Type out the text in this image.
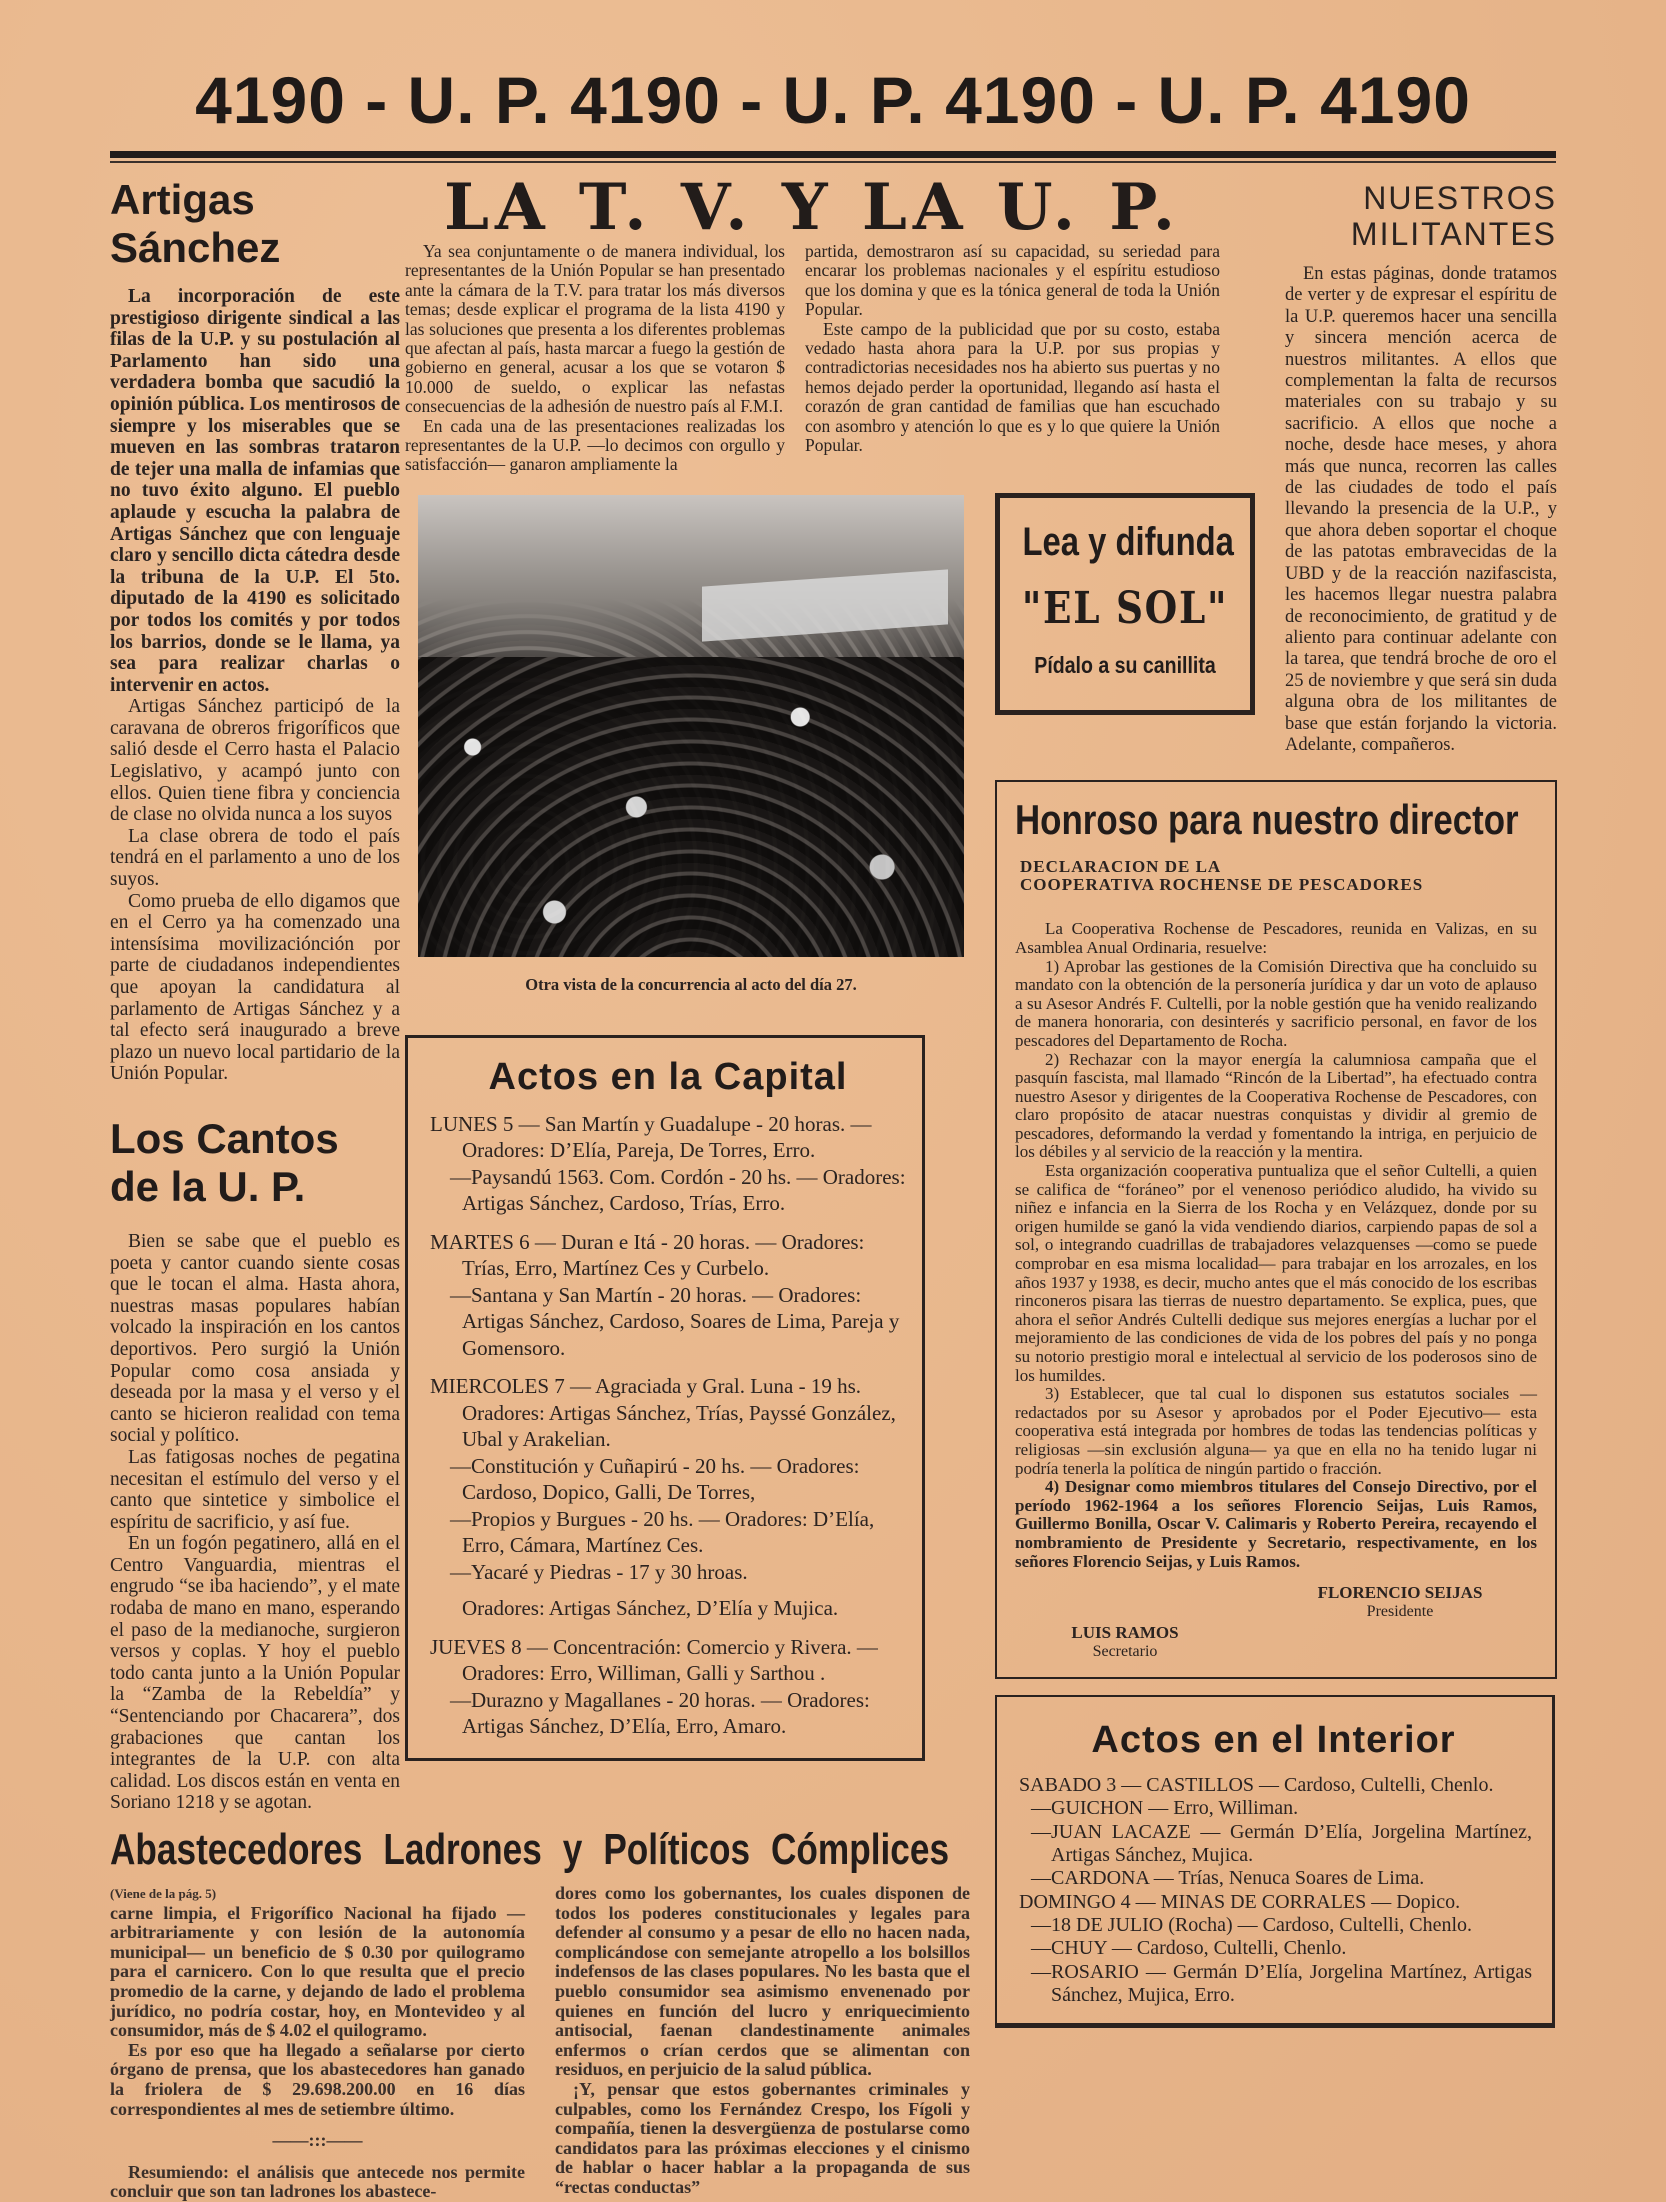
4190 - U. P. 4190 - U. P. 4190 - U. P. 4190
Artigas
Sánchez

La incorporación de este prestigioso dirigente sindical a las filas de la U.P. y su postulación al Parlamento han sido una verdadera bomba que sacudió la opinión pública. Los mentirosos de siempre y los miserables que se mueven en las sombras trataron de tejer una malla de infamias que no tuvo éxito alguno. El pueblo aplaude y escucha la palabra de Artigas Sánchez que con lenguaje claro y sencillo dicta cátedra desde la tribuna de la U.P. El 5to. diputado de la 4190 es solicitado por todos los comités y por todos los barrios, donde se le llama, ya sea para realizar charlas o intervenir en actos.

Artigas Sánchez participó de la caravana de obreros frigoríficos que salió desde el Cerro hasta el Palacio Legislativo, y acampó junto con ellos. Quien tiene fibra y conciencia de clase no olvida nunca a los suyos

La clase obrera de todo el país tendrá en el parlamento a uno de los suyos.

Como prueba de ello digamos que en el Cerro ya ha comenzado una intensísima movilizaciónción por parte de ciudadanos independientes que apoyan la candidatura al parlamento de Artigas Sánchez y a tal efecto será inaugurado a breve plazo un nuevo local partidario de la Unión Popular.

Los Cantos
de la U. P.

Bien se sabe que el pueblo es poeta y cantor cuando siente cosas que le tocan el alma. Hasta ahora, nuestras masas populares habían volcado la inspiración en los cantos deportivos. Pero surgió la Unión Popular como cosa ansiada y deseada por la masa y el verso y el canto se hicieron realidad con tema social y político.

Las fatigosas noches de pegatina necesitan el estímulo del verso y el canto que sintetice y simbolice el espíritu de sacrificio, y así fue.

En un fogón pegatinero, allá en el Centro Vanguardia, mientras el engrudo “se iba haciendo”, y el mate rodaba de mano en mano, esperando el paso de la medianoche, surgieron versos y coplas. Y hoy el pueblo todo canta junto a la Unión Popular la “Zamba de la Rebeldía” y “Sentenciando por Chacarera”, dos grabaciones que cantan los integrantes de la U.P. con alta calidad. Los discos están en venta en Soriano 1218 y se agotan.

LA T. V. Y LA U. P.

Ya sea conjuntamente o de manera individual, los representantes de la Unión Popular se han presentado ante la cámara de la T.V. para tratar los más diversos temas; desde explicar el programa de la lista 4190 y las soluciones que presenta a los diferentes problemas que afectan al país, hasta marcar a fuego la gestión de gobierno en general, acusar a los que se votaron $ 10.000 de sueldo, o explicar las nefastas consecuencias de la adhesión de nuestro país al F.M.I.

En cada una de las presentaciones realizadas los representantes de la U.P. —lo decimos con orgullo y satisfacción— ganaron ampliamente la

partida, demostraron así su capacidad, su seriedad para encarar los problemas nacionales y el espíritu estudioso que los domina y que es la tónica general de toda la Unión Popular.

Este campo de la publicidad que por su costo, estaba vedado hasta ahora para la U.P. por sus propias y contradictorias necesidades nos ha abierto sus puertas y no hemos dejado perder la oportunidad, llegando así hasta el corazón de gran cantidad de familias que han escuchado con asombro y atención lo que es y lo que quiere la Unión Popular.

Otra vista de la concurrencia al acto del día 27.
Actos en la Capital
LUNES 5 — San Martín y Guadalupe - 20 horas. — Oradores: D’Elía, Pareja, De Torres, Erro.
—Paysandú 1563. Com. Cordón - 20 hs. — Oradores: Artigas Sánchez, Cardoso, Trías, Erro.
MARTES 6 — Duran e Itá - 20 horas. — Oradores: Trías, Erro, Martínez Ces y Curbelo.
—Santana y San Martín - 20 horas. — Oradores: Artigas Sánchez, Cardoso, Soares de Lima, Pareja y Gomensoro.
MIERCOLES 7 — Agraciada y Gral. Luna - 19 hs. Oradores: Artigas Sánchez, Trías, Payssé González, Ubal y Arakelian.
—Constitución y Cuñapirú - 20 hs. — Oradores: Cardoso, Dopico, Galli, De Torres,
—Propios y Burgues - 20 hs. — Oradores: D’Elía, Erro, Cámara, Martínez Ces.
—Yacaré y Piedras - 17 y 30 hroas.
Oradores: Artigas Sánchez, D’Elía y Mujica.
JUEVES 8 — Concentración: Comercio y Rivera. — Oradores: Erro, Williman, Galli y Sarthou .
—Durazno y Magallanes - 20 horas. — Oradores: Artigas Sánchez, D’Elía, Erro, Amaro.
Abastecedores Ladrones y Políticos Cómplices
(Viene de la pág. 5)

carne limpia, el Frigorífico Nacional ha fijado —arbitrariamente y con lesión de la autonomía municipal— un beneficio de $ 0.30 por quilogramo para el carnicero. Con lo que resulta que el precio promedio de la carne, y dejando de lado el problema jurídico, no podría costar, hoy, en Montevideo y al consumidor, más de $ 4.02 el quilogramo.

Es por eso que ha llegado a señalarse por cierto órgano de prensa, que los abastecedores han ganado la friolera de $ 29.698.200.00 en 16 días correspondientes al mes de setiembre último.

——:::——

Resumiendo: el análisis que antecede nos permite concluir que son tan ladrones los abastece-

dores como los gobernantes, los cuales disponen de todos los poderes constitucionales y legales para defender al consumo y a pesar de ello no hacen nada, complicándose con semejante atropello a los bolsillos indefensos de las clases populares. No les basta que el pueblo consumidor sea asimismo envenenado por quienes en función del lucro y enriquecimiento antisocial, faenan clandestinamente animales enfermos o crían cerdos que se alimentan con residuos, en perjuicio de la salud pública.

¡Y, pensar que estos gobernantes criminales y culpables, como los Fernández Crespo, los Fígoli y compañía, tienen la desvergüenza de postularse como candidatos para las próximas elecciones y el cinismo de hablar o hacer hablar a la propaganda de sus “rectas conductas”

Lea y difunda
"EL SOL"
Pídalo a su canillita
NUESTROS
MILITANTES

En estas páginas, donde tratamos de verter y de expresar el espíritu de la U.P. queremos hacer una sencilla y sincera mención acerca de nuestros militantes. A ellos que complementan la falta de recursos materiales con su trabajo y su sacrificio. A ellos que noche a noche, desde hace meses, y ahora más que nunca, recorren las calles de las ciudades de todo el país llevando la presencia de la U.P., y que ahora deben soportar el choque de las patotas embravecidas de la UBD y de la reacción nazifascista, les hacemos llegar nuestra palabra de reconocimiento, de gratitud y de aliento para continuar adelante con la tarea, que tendrá broche de oro el 25 de noviembre y que será sin duda alguna obra de los militantes de base que están forjando la victoria. Adelante, compañeros.

Honroso para nuestro director
DECLARACION DE LA
COOPERATIVA ROCHENSE DE PESCADORES

La Cooperativa Rochense de Pescadores, reunida en Valizas, en su Asamblea Anual Ordinaria, resuelve:

1) Aprobar las gestiones de la Comisión Directiva que ha concluido su mandato con la obtención de la personería jurídica y dar un voto de aplauso a su Asesor Andrés F. Cultelli, por la noble gestión que ha venido realizando de manera honoraria, con desinterés y sacrificio personal, en favor de los pescadores del Departamento de Rocha.

2) Rechazar con la mayor energía la calumniosa campaña que el pasquín fascista, mal llamado “Rincón de la Libertad”, ha efectuado contra nuestro Asesor y dirigentes de la Cooperativa Rochense de Pescadores, con claro propósito de atacar nuestras conquistas y dividir al gremio de pescadores, deformando la verdad y fomentando la intriga, en perjuicio de los débiles y al servicio de la reacción y la mentira.

Esta organización cooperativa puntualiza que el señor Cultelli, a quien se califica de “foráneo” por el venenoso periódico aludido, ha vivido su niñez e infancia en la Sierra de los Rocha y en Velázquez, donde por su origen humilde se ganó la vida vendiendo diarios, carpiendo papas de sol a sol, o integrando cuadrillas de trabajadores velazquenses —como se puede comprobar en esa misma localidad— para trabajar en los arrozales, en los años 1937 y 1938, es decir, mucho antes que el más conocido de los escribas rinconeros pisara las tierras de nuestro departamento. Se explica, pues, que ahora el señor Andrés Cultelli dedique sus mejores energías a luchar por el mejoramiento de las condiciones de vida de los pobres del país y no ponga su notorio prestigio moral e intelectual al servicio de los poderosos sino de los humildes.

3) Establecer, que tal cual lo disponen sus estatutos sociales —redactados por su Asesor y aprobados por el Poder Ejecutivo— esta cooperativa está integrada por hombres de todas las tendencias políticas y religiosas —sin exclusión alguna— ya que en ella no ha tenido lugar ni podría tenerla la política de ningún partido o fracción.

4) Designar como miembros titulares del Consejo Directivo, por el período 1962-1964 a los señores Florencio Seijas, Luis Ramos, Guillermo Bonilla, Oscar V. Calimaris y Roberto Pereira, recayendo el nombramiento de Presidente y Secretario, respectivamente, en los señores Florencio Seijas, y Luis Ramos.

FLORENCIO SEIJAS
Presidente
LUIS RAMOS
Secretario
Actos en el Interior
SABADO 3 — CASTILLOS — Cardoso, Cultelli, Chenlo.
—GUICHON — Erro, Williman.
—JUAN LACAZE — Germán D’Elía, Jorgelina Martínez, Artigas Sánchez, Mujica.
—CARDONA — Trías, Nenuca Soares de Lima.
DOMINGO 4 — MINAS DE CORRALES — Dopico.
—18 DE JULIO (Rocha) — Cardoso, Cultelli, Chenlo.
—CHUY — Cardoso, Cultelli, Chenlo.
—ROSARIO — Germán D’Elía, Jorgelina Martínez, Artigas Sánchez, Mujica, Erro.
